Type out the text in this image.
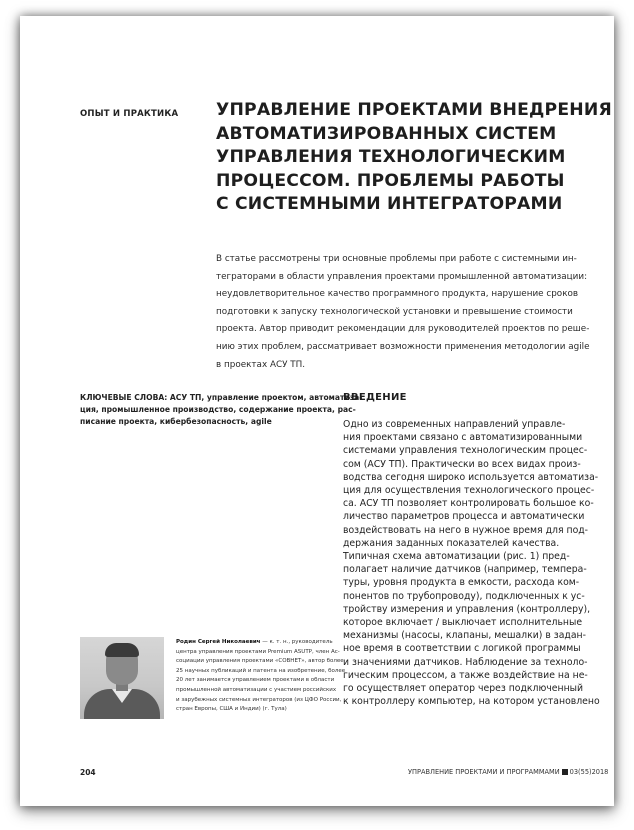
ОПЫТ И ПРАКТИКА УПРАВЛЕНИЕ ПРОЕКТАМИ ВНЕДРЕНИЯ
АВТОМАТИЗИРОВАННЫХ СИСТЕМ
УПРАВЛЕНИЯ ТЕХНОЛОГИЧЕСКИМ
ПРОЦЕССОМ. ПРОБЛЕМЫ РАБОТЫ
С СИСТЕМНЫМИ ИНТЕГРАТОРАМИ
В статье рассмотрены три основные проблемы при работе с системными ин-
теграторами в области управления проектами промышленной автоматизации:
неудовлетворительное качество программного продукта, нарушение сроков
подготовки к запуску технологической установки и превышение стоимости
проекта. Автор приводит рекомендации для руководителей проектов по реше-
нию этих проблем, рассматривает возможности применения методологии agile
в проектах АСУ ТП.
КЛЮЧЕВЫЕ СЛОВА: АСУ ТП, управление проектом, автоматиза-
ция, промышленное производство, содержание проекта, рас-
писание проекта, кибербезопасность, agile
ВВЕДЕНИЕ
Одно из современных направлений управле-
ния проектами связано с автоматизированными
системами управления технологическим процес-
сом (АСУ ТП). Практически во всех видах произ-
водства сегодня широко используется автоматиза-
ция для осуществления технологического процес-
са. АСУ ТП позволяет контролировать большое ко-
личество параметров процесса и автоматически
воздействовать на него в нужное время для под-
держания заданных показателей качества.
Типичная схема автоматизации (рис. 1) пред-
полагает наличие датчиков (например, темпера-
туры, уровня продукта в емкости, расхода ком-
понентов по трубопроводу), подключенных к ус-
тройству измерения и управления (контроллеру),
которое включает / выключает исполнительные
механизмы (насосы, клапаны, мешалки) в задан-
ное время в соответствии с логикой программы
и значениями датчиков. Наблюдение за техноло-
гическим процессом, а также воздействие на не-
го осуществляет оператор через подключенный
к контроллеру компьютер, на котором установлено
Родин Сергей Николаевич — к. т. н., руководитель
центра управления проектами Premium ASUTP, член Ас-
социации управления проектами «СОВНЕТ», автор более
25 научных публикаций и патента на изобретение, более
20 лет занимается управлением проектами в области
промышленной автоматизации с участием российских
и зарубежных системных интеграторов (из ЦФО России,
стран Европы, США и Индии) (г. Тула)
204	УПРАВЛЕНИЕ ПРОЕКТАМИ И ПРОГРАММАМИ 03(55)2018
